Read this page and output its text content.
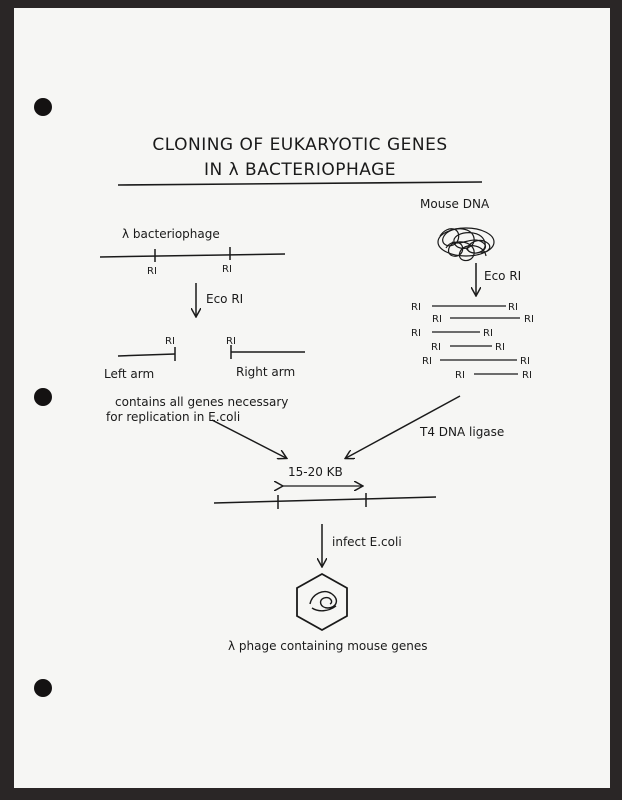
CLONING OF EUKARYOTIC GENES
IN λ BACTERIOPHAGE
λ bacteriophage
RI	RI
Eco RI
RI	RI
Left arm	Right arm
contains all genes necessary
for replication in E.coli
Mouse DNA
Eco RI
RI	RI
RI	RI
RI	RI
RI	RI
RI	RI
RI	RI
T4 DNA ligase
15-20 KB
infect E.coli
λ phage containing mouse genes
